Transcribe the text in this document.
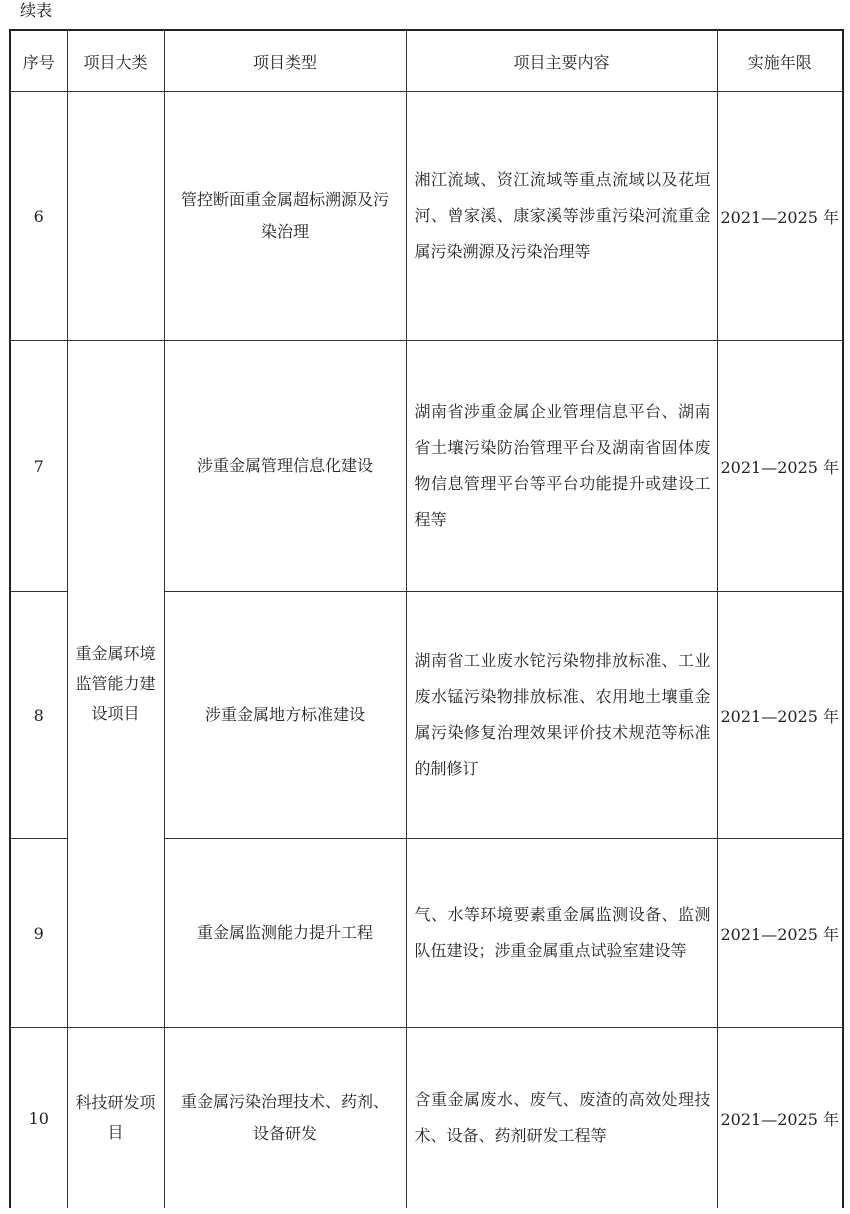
续表
序号	项目大类	项目类型	项目主要内容	实施年限
6		管控断面重金属超标溯源及污染治理	湘江流域、资江流域等重点流域以及花垣河、曾家溪、康家溪等涉重污染河流重金属污染溯源及污染治理等	2021—2025 年
7	重金属环境监管能力建设项目	涉重金属管理信息化建设	湖南省涉重金属企业管理信息平台、湖南省土壤污染防治管理平台及湖南省固体废物信息管理平台等平台功能提升或建设工程等	2021—2025 年
8		涉重金属地方标准建设	湖南省工业废水铊污染物排放标准、工业废水锰污染物排放标准、农用地土壤重金属污染修复治理效果评价技术规范等标准的制修订	2021—2025 年
9		重金属监测能力提升工程	气、水等环境要素重金属监测设备、监测队伍建设；涉重金属重点试验室建设等	2021—2025 年
10	科技研发项目	重金属污染治理技术、药剂、设备研发	含重金属废水、废气、废渣的高效处理技术、设备、药剂研发工程等	2021—2025 年
